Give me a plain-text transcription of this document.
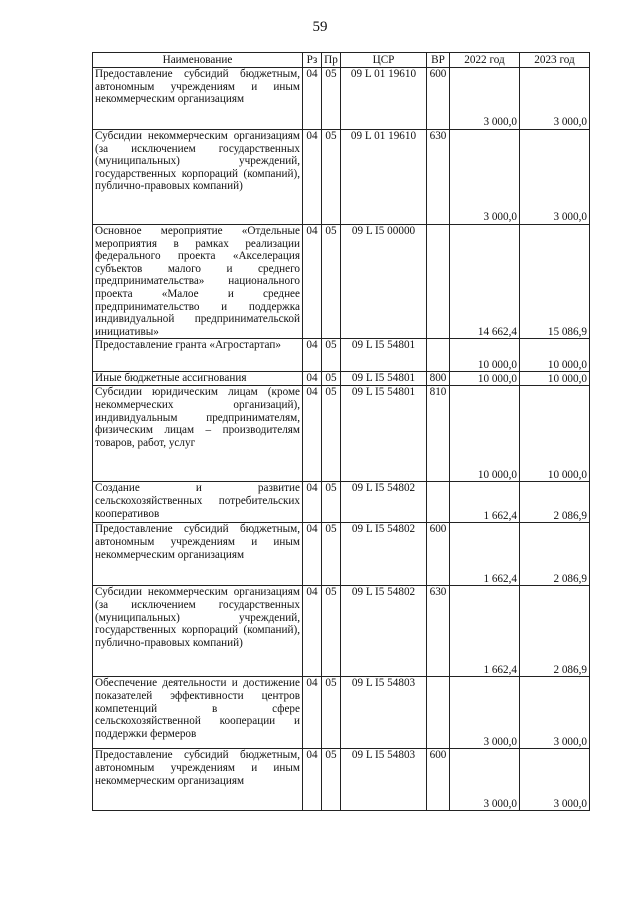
59
Наименование	Рз	Пр	ЦСР	ВР	2022 год	2023 год
Предоставление субсидий бюджетным, автономным учреждениям и иным некоммерческим организациям	04	05	09 L 01 19610	600	3 000,0	3 000,0
Субсидии некоммерческим организациям (за исключением государственных (муниципальных) учреждений, государственных корпораций (компаний), публично-правовых компаний)	04	05	09 L 01 19610	630	3 000,0	3 000,0
Основное мероприятие «Отдельные мероприятия в рамках реализации федерального проекта «Акселерация субъектов малого и среднего предпринимательства» национального проекта «Малое и среднее предпринимательство и поддержка индивидуальной предпринимательской инициативы»	04	05	09 L I5 00000		14 662,4	15 086,9
Предоставление гранта «Агростартап»	04	05	09 L I5 54801		10 000,0	10 000,0
Иные бюджетные ассигнования	04	05	09 L I5 54801	800	10 000,0	10 000,0
Субсидии юридическим лицам (кроме некоммерческих организаций), индивидуальным предпринимателям, физическим лицам – производителям товаров, работ, услуг	04	05	09 L I5 54801	810	10 000,0	10 000,0
Создание и развитие сельскохозяйственных потребительских кооперативов	04	05	09 L I5 54802		1 662,4	2 086,9
Предоставление субсидий бюджетным, автономным учреждениям и иным некоммерческим организациям	04	05	09 L I5 54802	600	1 662,4	2 086,9
Субсидии некоммерческим организациям (за исключением государственных (муниципальных) учреждений, государственных корпораций (компаний), публично-правовых компаний)	04	05	09 L I5 54802	630	1 662,4	2 086,9
Обеспечение деятельности и достижение показателей эффективности центров компетенций в сфере сельскохозяйственной кооперации и поддержки фермеров	04	05	09 L I5 54803		3 000,0	3 000,0
Предоставление субсидий бюджетным, автономным учреждениям и иным некоммерческим организациям	04	05	09 L I5 54803	600	3 000,0	3 000,0
